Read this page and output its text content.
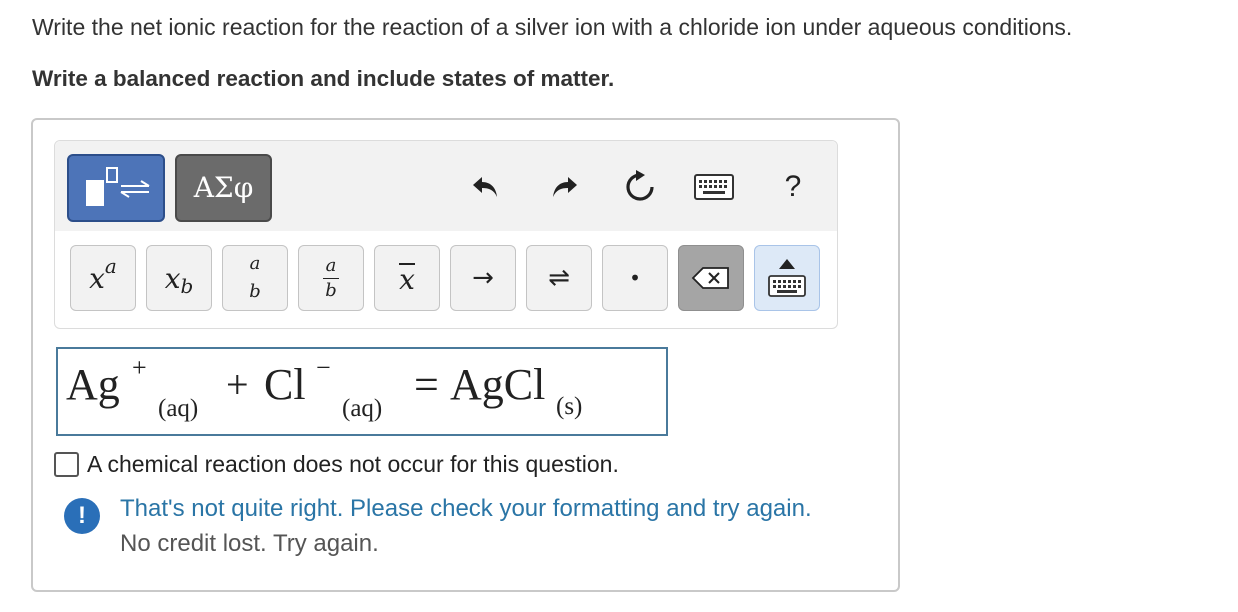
Write the net ionic reaction for the reaction of a silver ion with a chloride ion under aqueous conditions.
Write a balanced reaction and include states of matter.
ΑΣφ	?
x a x b
a
b
a
b x	→	⇌	•
Ag +
(aq)
+ Cl −
(aq) = AgCl (s)
A chemical reaction does not occur for this question.
!	That's not quite right. Please check your formatting and try again.
No credit lost. Try again.
